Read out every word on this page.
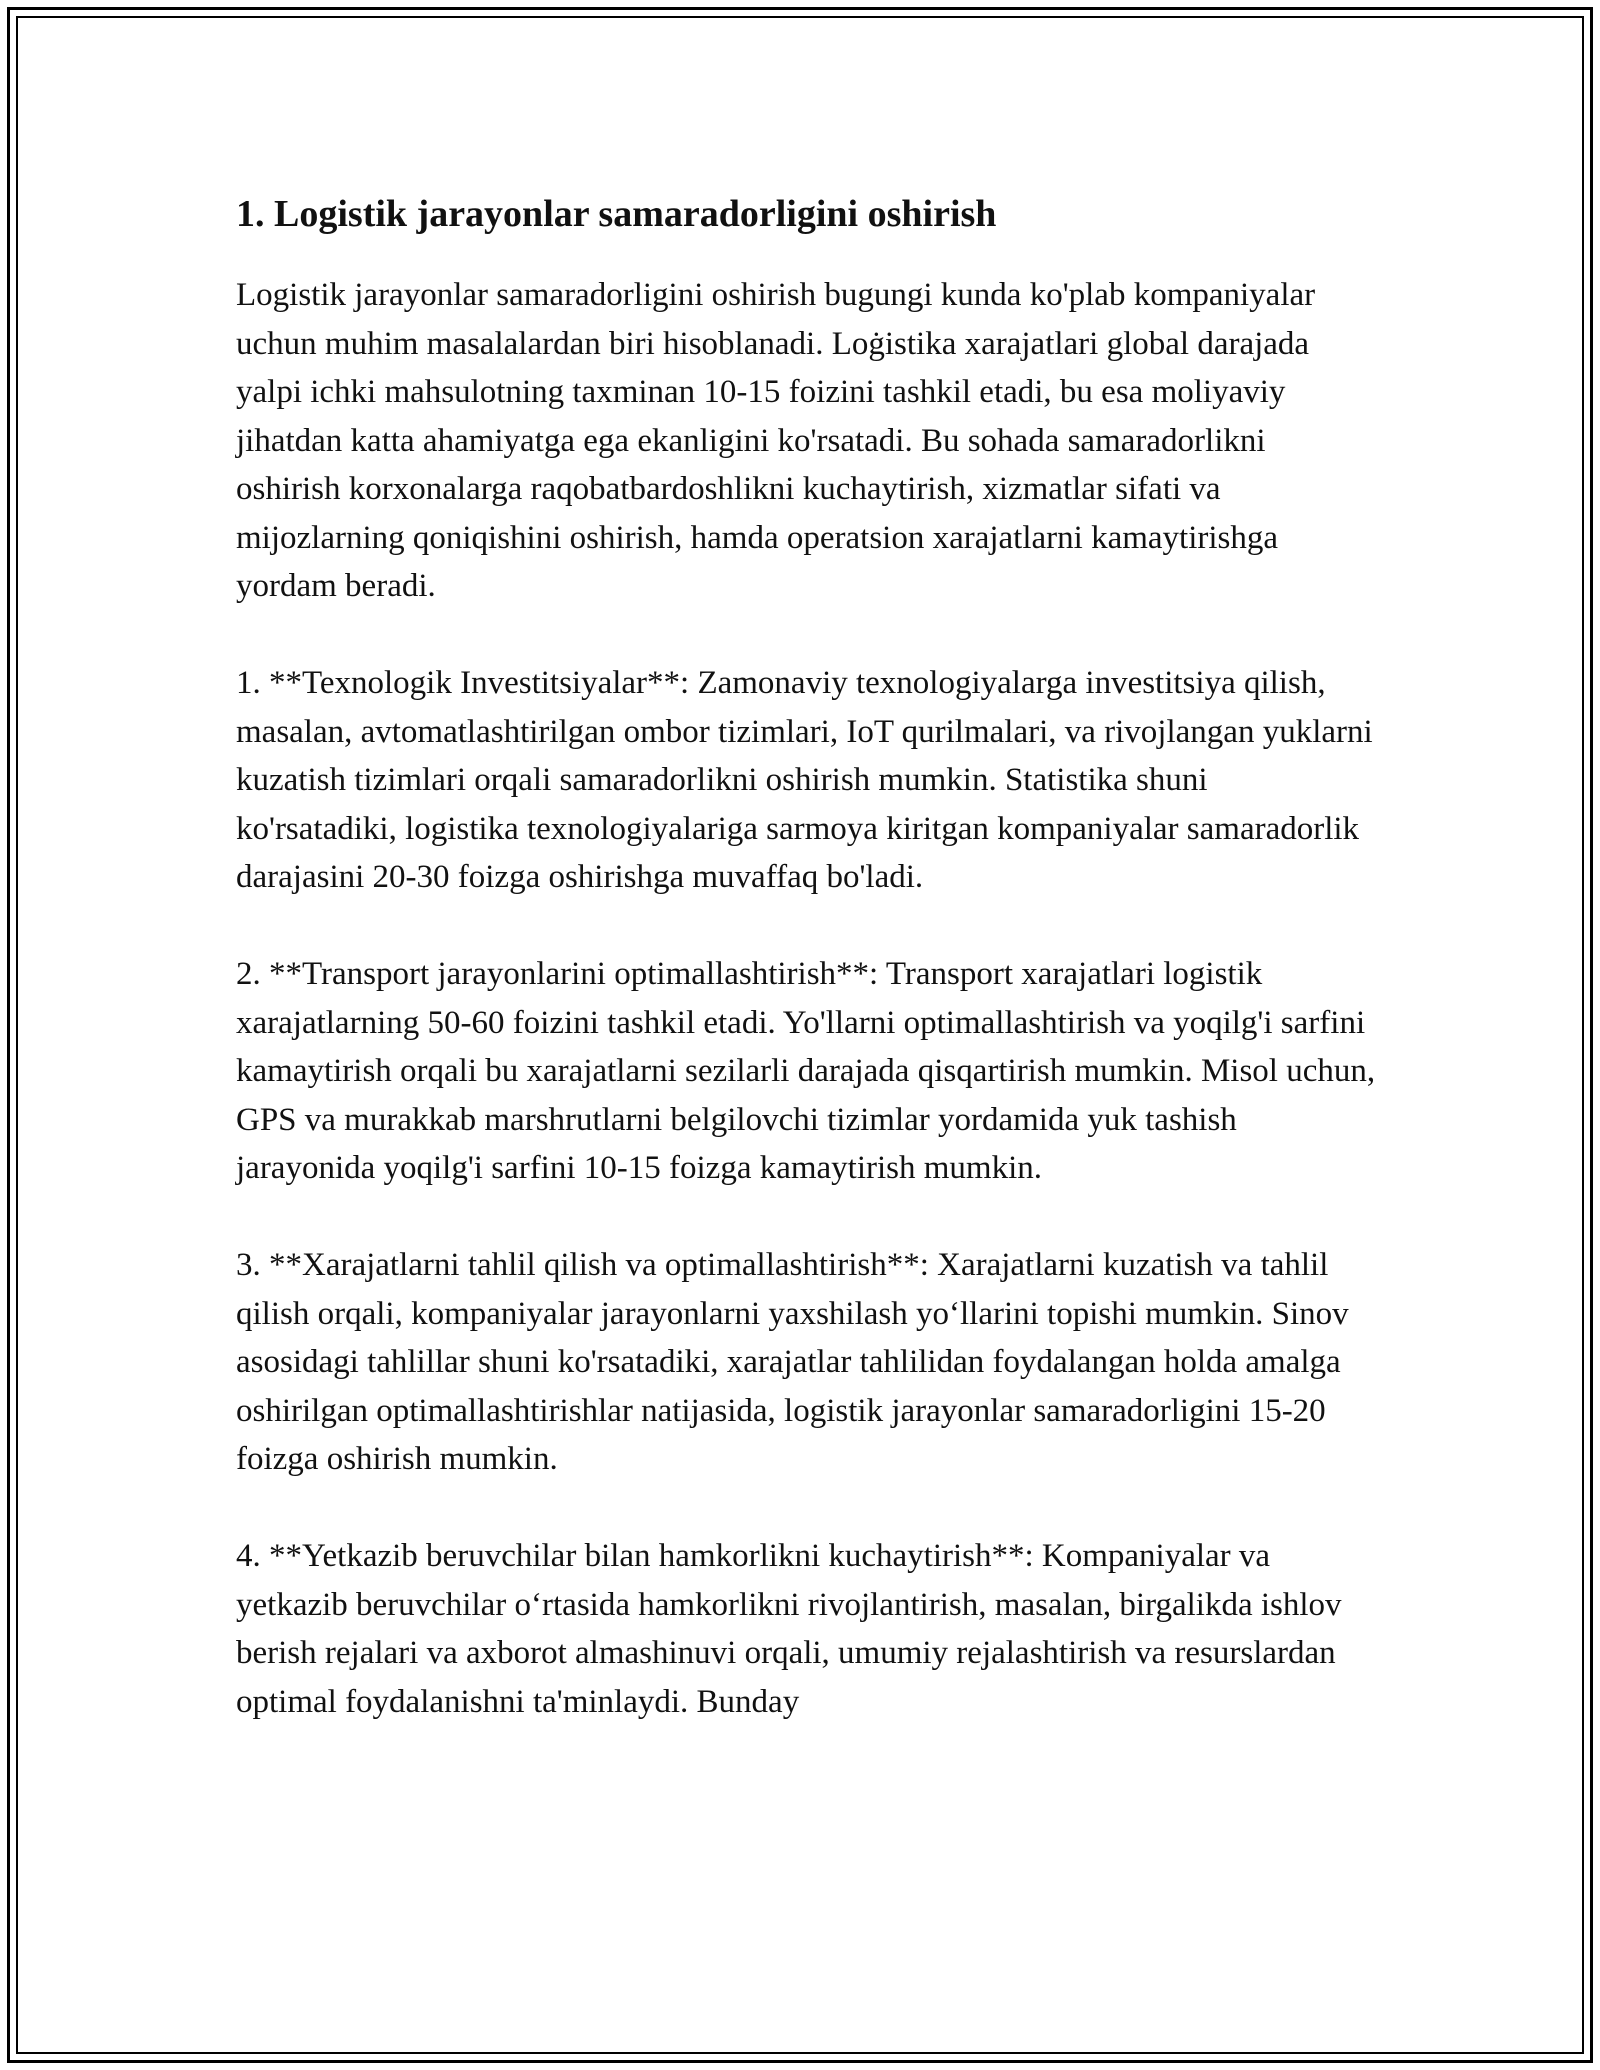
1. Logistik jarayonlar samaradorligini oshirish

Logistik jarayonlar samaradorligini oshirish bugungi kunda ko'plab kompaniyalar uchun muhim masalalardan biri hisoblanadi. Loġistika xarajatlari global darajada yalpi ichki mahsulotning taxminan 10-15 foizini tashkil etadi, bu esa moliyaviy jihatdan katta ahamiyatga ega ekanligini ko'rsatadi. Bu sohada samaradorlikni oshirish korxonalarga raqobatbardoshlikni kuchaytirish, xizmatlar sifati va mijozlarning qoniqishini oshirish, hamda operatsion xarajatlarni kamaytirishga yordam beradi.

1. **Texnologik Investitsiyalar**: Zamonaviy texnologiyalarga investitsiya qilish, masalan, avtomatlashtirilgan ombor tizimlari, IoT qurilmalari, va rivojlangan yuklarni kuzatish tizimlari orqali samaradorlikni oshirish mumkin. Statistika shuni ko'rsatadiki, logistika texnologiyalariga sarmoya kiritgan kompaniyalar samaradorlik darajasini 20-30 foizga oshirishga muvaffaq bo'ladi.

2. **Transport jarayonlarini optimallashtirish**: Transport xarajatlari logistik xarajatlarning 50-60 foizini tashkil etadi. Yo'llarni optimallashtirish va yoqilg'i sarfini kamaytirish orqali bu xarajatlarni sezilarli darajada qisqartirish mumkin. Misol uchun, GPS va murakkab marshrutlarni belgilovchi tizimlar yordamida yuk tashish jarayonida yoqilg'i sarfini 10-15 foizga kamaytirish mumkin.

3. **Xarajatlarni tahlil qilish va optimallashtirish**: Xarajatlarni kuzatish va tahlil qilish orqali, kompaniyalar jarayonlarni yaxshilash yo‘llarini topishi mumkin. Sinov asosidagi tahlillar shuni ko'rsatadiki, xarajatlar tahlilidan foydalangan holda amalga oshirilgan optimallashtirishlar natijasida, logistik jarayonlar samaradorligini 15-20 foizga oshirish mumkin.

4. **Yetkazib beruvchilar bilan hamkorlikni kuchaytirish**: Kompaniyalar va yetkazib beruvchilar o‘rtasida hamkorlikni rivojlantirish, masalan, birgalikda ishlov berish rejalari va axborot almashinuvi orqali, umumiy rejalashtirish va resurslardan optimal foydalanishni ta'minlaydi. Bunday
